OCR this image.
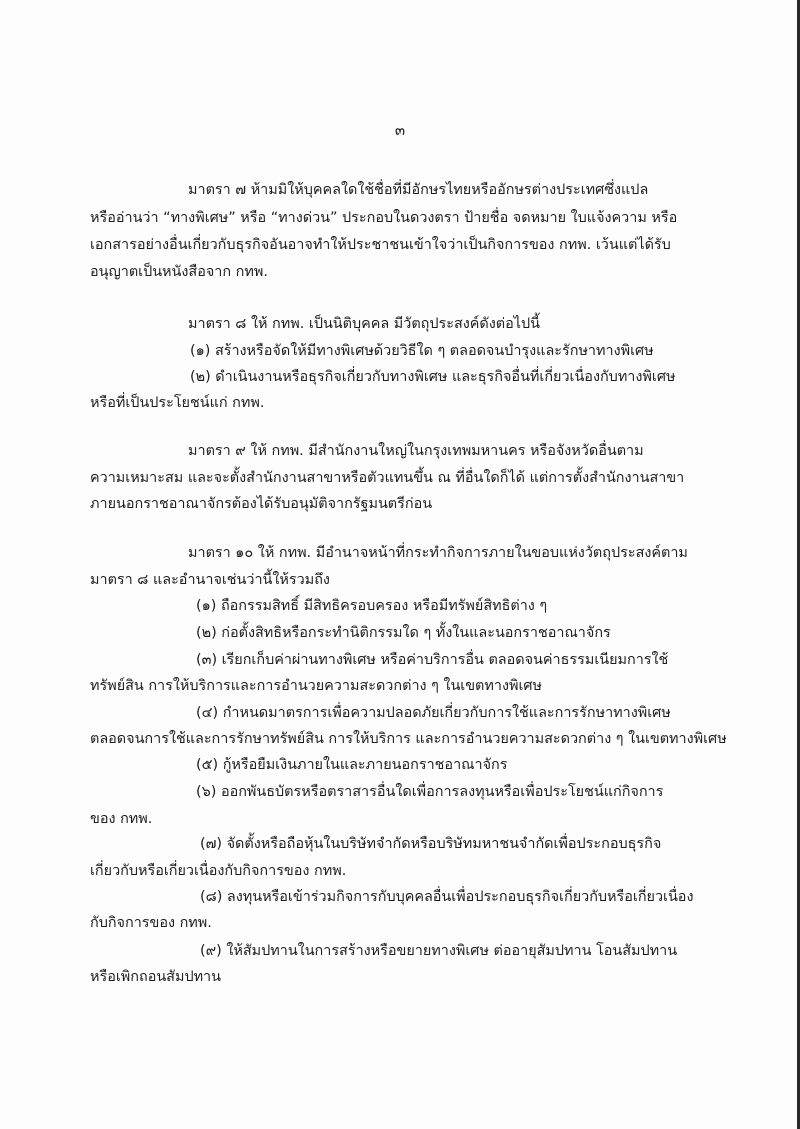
๓
มาตรา ๗ ห้ามมิให้บุคคลใดใช้ชื่อที่มีอักษรไทยหรืออักษรต่างประเทศซึ่งแปล
หรืออ่านว่า “ทางพิเศษ” หรือ “ทางด่วน” ประกอบในดวงตรา ป้ายชื่อ จดหมาย ใบแจ้งความ หรือ
เอกสารอย่างอื่นเกี่ยวกับธุรกิจอันอาจทำให้ประชาชนเข้าใจว่าเป็นกิจการของ กทพ. เว้นแต่ได้รับ
อนุญาตเป็นหนังสือจาก กทพ.
มาตรา ๘ ให้ กทพ. เป็นนิติบุคคล มีวัตถุประสงค์ดังต่อไปนี้
(๑) สร้างหรือจัดให้มีทางพิเศษด้วยวิธีใด ๆ ตลอดจนบำรุงและรักษาทางพิเศษ
(๒) ดำเนินงานหรือธุรกิจเกี่ยวกับทางพิเศษ และธุรกิจอื่นที่เกี่ยวเนื่องกับทางพิเศษ
หรือที่เป็นประโยชน์แก่ กทพ.
มาตรา ๙ ให้ กทพ. มีสำนักงานใหญ่ในกรุงเทพมหานคร หรือจังหวัดอื่นตาม
ความเหมาะสม และจะตั้งสำนักงานสาขาหรือตัวแทนขึ้น ณ ที่อื่นใดก็ได้ แต่การตั้งสำนักงานสาขา
ภายนอกราชอาณาจักรต้องได้รับอนุมัติจากรัฐมนตรีก่อน
มาตรา ๑๐ ให้ กทพ. มีอำนาจหน้าที่กระทำกิจการภายในขอบแห่งวัตถุประสงค์ตาม
มาตรา ๘ และอำนาจเช่นว่านี้ให้รวมถึง
(๑) ถือกรรมสิทธิ์ มีสิทธิครอบครอง หรือมีทรัพย์สิทธิต่าง ๆ
(๒) ก่อตั้งสิทธิหรือกระทำนิติกรรมใด ๆ ทั้งในและนอกราชอาณาจักร
(๓) เรียกเก็บค่าผ่านทางพิเศษ หรือค่าบริการอื่น ตลอดจนค่าธรรมเนียมการใช้
ทรัพย์สิน การให้บริการและการอำนวยความสะดวกต่าง ๆ ในเขตทางพิเศษ
(๔) กำหนดมาตรการเพื่อความปลอดภัยเกี่ยวกับการใช้และการรักษาทางพิเศษ
ตลอดจนการใช้และการรักษาทรัพย์สิน การให้บริการ และการอำนวยความสะดวกต่าง ๆ ในเขตทางพิเศษ
(๕) กู้หรือยืมเงินภายในและภายนอกราชอาณาจักร
(๖) ออกพันธบัตรหรือตราสารอื่นใดเพื่อการลงทุนหรือเพื่อประโยชน์แก่กิจการ
ของ กทพ.
(๗) จัดตั้งหรือถือหุ้นในบริษัทจำกัดหรือบริษัทมหาชนจำกัดเพื่อประกอบธุรกิจ
เกี่ยวกับหรือเกี่ยวเนื่องกับกิจการของ กทพ.
(๘) ลงทุนหรือเข้าร่วมกิจการกับบุคคลอื่นเพื่อประกอบธุรกิจเกี่ยวกับหรือเกี่ยวเนื่อง
กับกิจการของ กทพ.
(๙) ให้สัมปทานในการสร้างหรือขยายทางพิเศษ ต่ออายุสัมปทาน โอนสัมปทาน
หรือเพิกถอนสัมปทาน
